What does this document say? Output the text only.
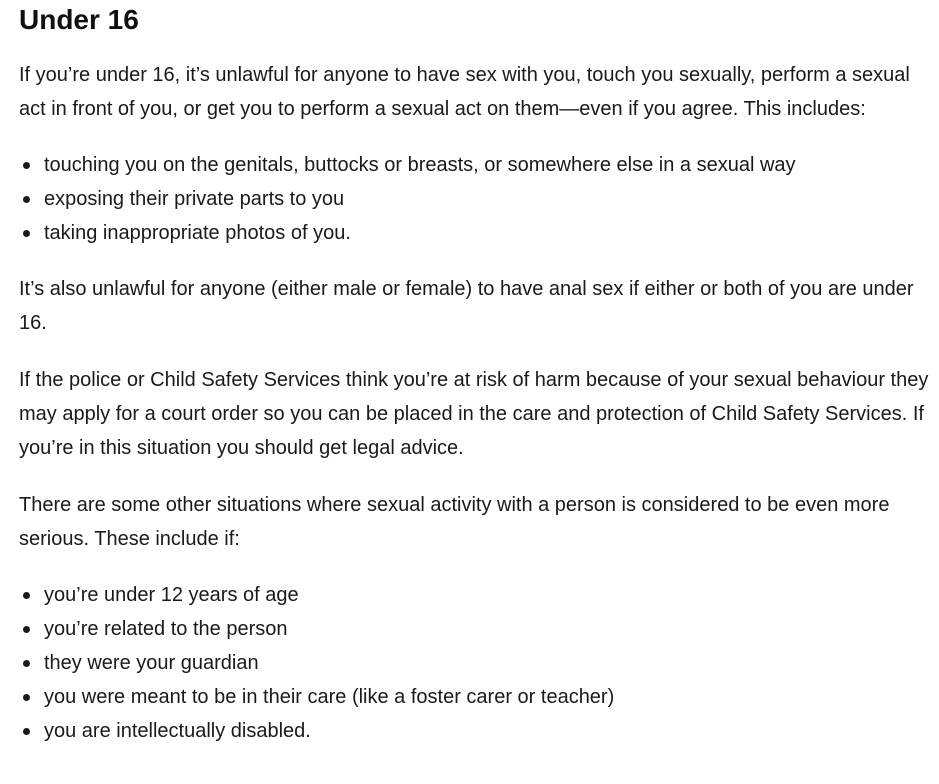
Under 16

If you’re under 16, it’s unlawful for anyone to have sex with you, touch you sexually, perform a sexual act in front of you, or get you to perform a sexual act on them—even if you agree. This includes:

touching you on the genitals, buttocks or breasts, or somewhere else in a sexual way
exposing their private parts to you
taking inappropriate photos of you.

It’s also unlawful for anyone (either male or female) to have anal sex if either or both of you are under 16.

If the police or Child Safety Services think you’re at risk of harm because of your sexual behaviour they may apply for a court order so you can be placed in the care and protection of Child Safety Services. If you’re in this situation you should get legal advice.

There are some other situations where sexual activity with a person is considered to be even more serious. These include if:

you’re under 12 years of age
you’re related to the person
they were your guardian
you were meant to be in their care (like a foster carer or teacher)
you are intellectually disabled.
